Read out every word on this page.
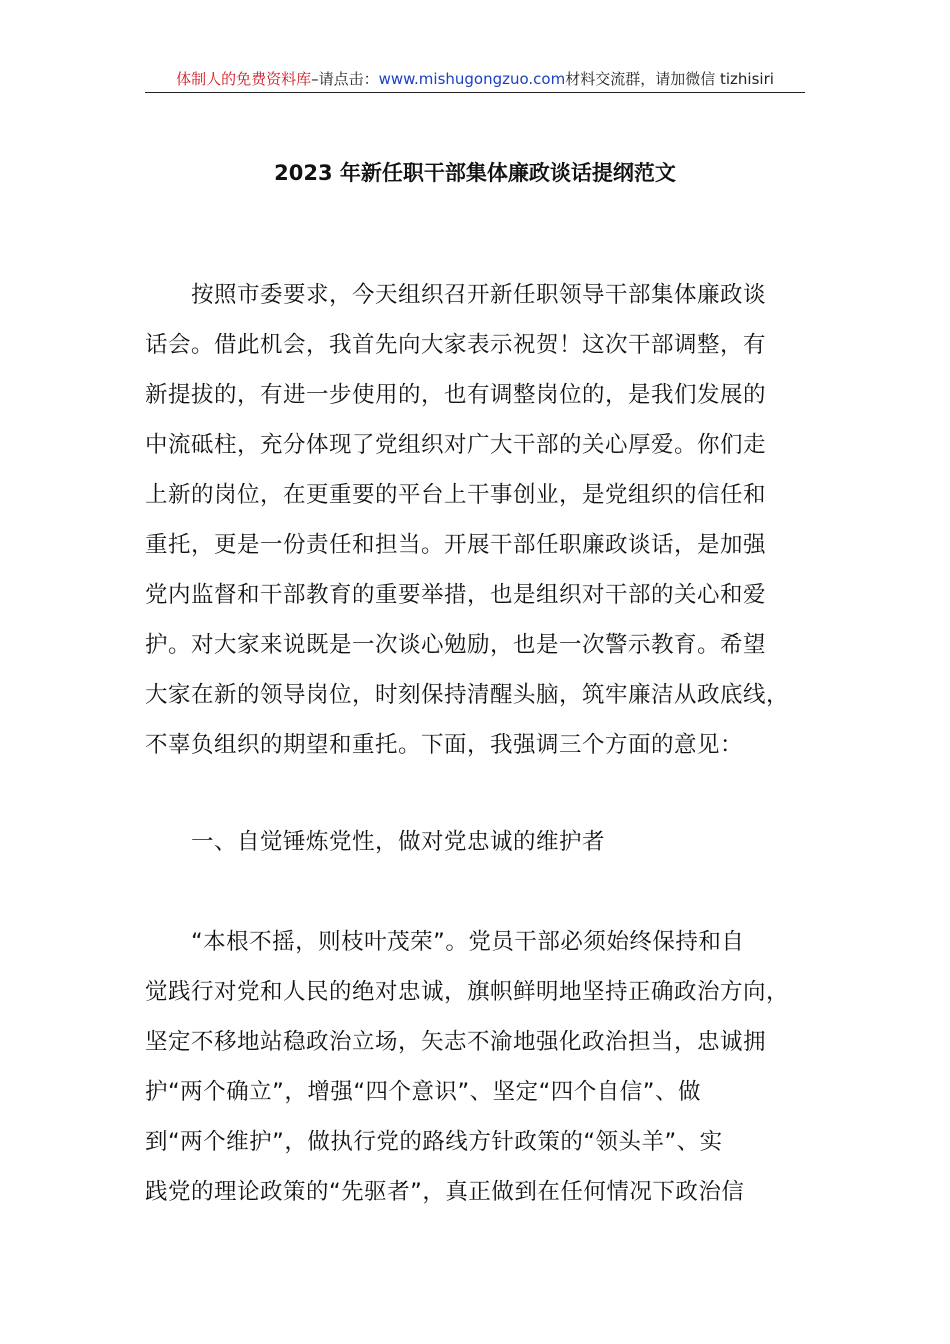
体制人的免费资料库–请点击：www.mishugongzuo.com材料交流群，请加微信 tizhisiri
2023 年新任职干部集体廉政谈话提纲范文
按照市委要求，今天组织召开新任职领导干部集体廉政谈
话会。借此机会，我首先向大家表示祝贺！这次干部调整，有
新提拔的，有进一步使用的，也有调整岗位的，是我们发展的
中流砥柱，充分体现了党组织对广大干部的关心厚爱。你们走
上新的岗位，在更重要的平台上干事创业，是党组织的信任和
重托，更是一份责任和担当。开展干部任职廉政谈话，是加强
党内监督和干部教育的重要举措，也是组织对干部的关心和爱
护。对大家来说既是一次谈心勉励，也是一次警示教育。希望
大家在新的领导岗位，时刻保持清醒头脑，筑牢廉洁从政底线，
不辜负组织的期望和重托。下面，我强调三个方面的意见：
一、自觉锤炼党性，做对党忠诚的维护者
“本根不摇，则枝叶茂荣”。党员干部必须始终保持和自
觉践行对党和人民的绝对忠诚，旗帜鲜明地坚持正确政治方向，
坚定不移地站稳政治立场，矢志不渝地强化政治担当，忠诚拥
护“两个确立”，增强“四个意识”、坚定“四个自信”、做
到“两个维护”，做执行党的路线方针政策的“领头羊”、实
践党的理论政策的“先驱者”，真正做到在任何情况下政治信
